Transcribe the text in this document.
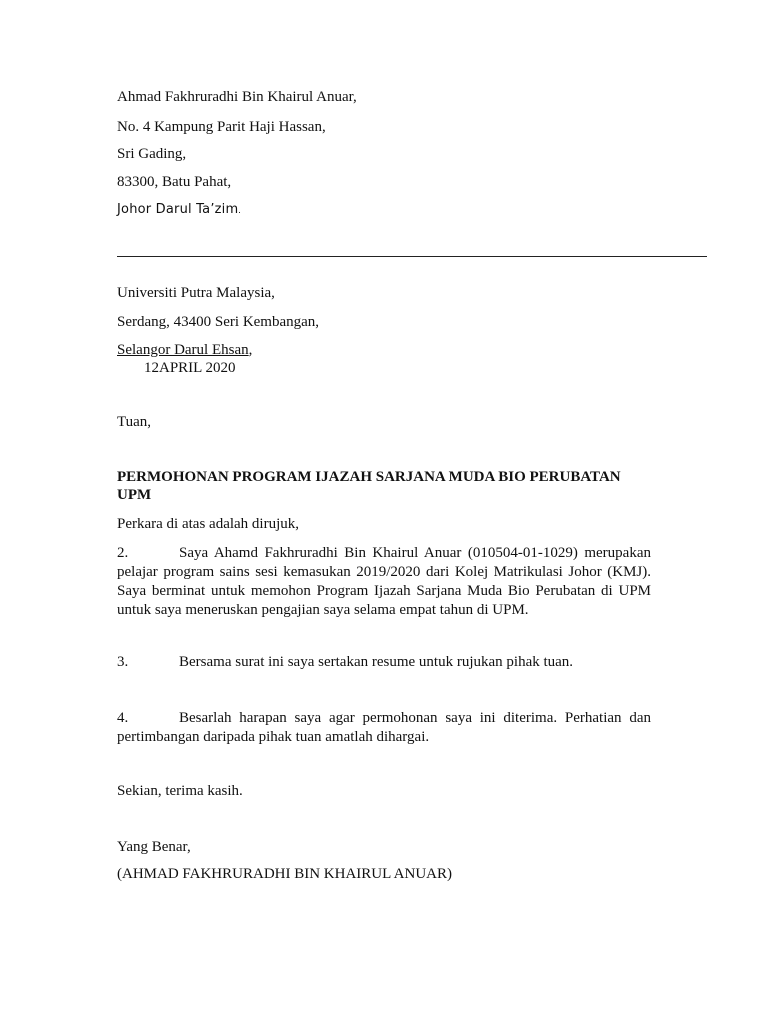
Ahmad Fakhruradhi Bin Khairul Anuar,
No. 4 Kampung Parit Haji Hassan,
Sri Gading,
83300, Batu Pahat,
Johor Darul Ta’zim.
Universiti Putra Malaysia,
Serdang, 43400 Seri Kembangan,
Selangor Darul Ehsan,
12APRIL 2020
Tuan,
PERMOHONAN PROGRAM IJAZAH SARJANA MUDA BIO PERUBATAN
UPM
Perkara di atas adalah dirujuk,
2.	Saya Ahamd Fakhruradhi Bin Khairul Anuar (010504-01-1029) merupakan pelajar program sains sesi kemasukan 2019/2020 dari Kolej Matrikulasi Johor (KMJ). Saya berminat untuk memohon Program Ijazah Sarjana Muda Bio Perubatan di UPM untuk saya meneruskan pengajian saya selama empat tahun di UPM.
3.	Bersama surat ini saya sertakan resume untuk rujukan pihak tuan.
4.	Besarlah harapan saya agar permohonan saya ini diterima. Perhatian dan pertimbangan daripada pihak tuan amatlah dihargai.
Sekian, terima kasih.
Yang Benar,
(AHMAD FAKHRURADHI BIN KHAIRUL ANUAR)
